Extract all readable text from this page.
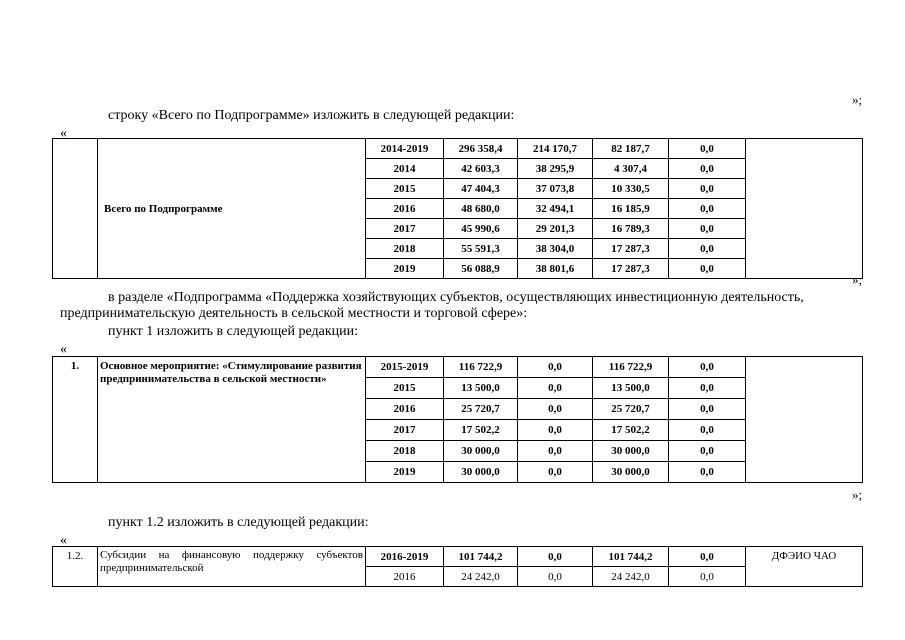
»;
строку «Всего по Подпрограмме» изложить в следующей редакции:
«
	Всего по Подпрограмме	2014-2019	296 358,4	214 170,7	82 187,7	0,0	
		2014	42 603,3	38 295,9	4 307,4	0,0	
		2015	47 404,3	37 073,8	10 330,5	0,0	
		2016	48 680,0	32 494,1	16 185,9	0,0	
		2017	45 990,6	29 201,3	16 789,3	0,0	
		2018	55 591,3	38 304,0	17 287,3	0,0	
		2019	56 088,9	38 801,6	17 287,3	0,0	
»;
в разделе «Подпрограмма «Поддержка хозяйствующих субъектов, осуществляющих инвестиционную деятельность,
предпринимательскую деятельность в сельской местности и торговой сфере»:
пункт 1 изложить в следующей редакции:
«
1.	Основное мероприятие: «Стимулирование развития предпринимательства в сельской местности»	2015-2019	116 722,9	0,0	116 722,9	0,0	
		2015	13 500,0	0,0	13 500,0	0,0	
		2016	25 720,7	0,0	25 720,7	0,0	
		2017	17 502,2	0,0	17 502,2	0,0	
		2018	30 000,0	0,0	30 000,0	0,0	
		2019	30 000,0	0,0	30 000,0	0,0	
»;
пункт 1.2 изложить в следующей редакции:
«
1.2.	Субсидии на финансовую поддержку субъектов предпринимательской	2016-2019	101 744,2	0,0	101 744,2	0,0	ДФЭИО ЧАО
		2016	24 242,0	0,0	24 242,0	0,0	
